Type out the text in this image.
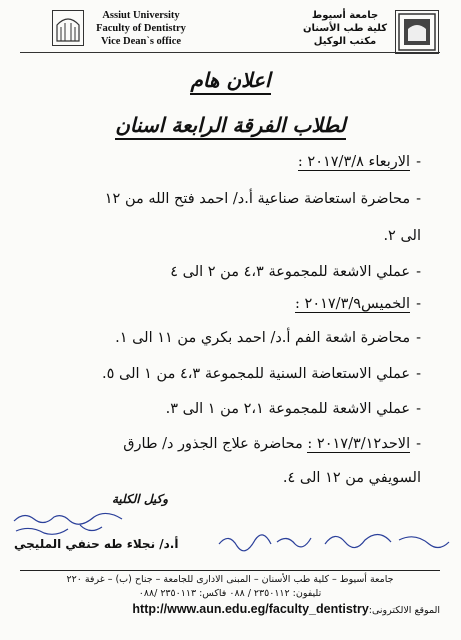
Assiut University
Faculty of Dentistry
Vice Dean`s office
جامعة أسيوط
كلية طب الأسنان
مكتب الوكيل
اعلان هام
لطلاب الفرقة الرابعة اسنان
-الاربعاء ٢٠١٧/٣/٨ :
-محاضرة استعاضة صناعية أ.د/ احمد فتح الله من ١٢
الى ٢.
-عملي الاشعة للمجموعة ٤،٣ من ٢ الى ٤
-الخميس٢٠١٧/٣/٩ :
-محاضرة اشعة الفم أ.د/ احمد بكري من ١١ الى ١.
-عملي الاستعاضة السنية للمجموعة ٤،٣ من ١ الى ٥.
-عملي الاشعة للمجموعة ٢،١ من ١ الى ٣.
-الاحد٢٠١٧/٣/١٢ : محاضرة علاج الجذور د/ طارق
السويفي من ١٢ الى ٤.
وكيل الكلية
أ.د/ نجلاء طه حنفي المليجي
جامعة أسيوط – كلية طب الأسنان – المبنى الادارى للجامعة – جناح (ب) – غرفة ٢٢٠
تليفون: ٢٣٥٠١١٢ / ٠٨٨ فاكس: ٢٣٥٠١١٣ /٠٨٨
الموقع الالكترونى:http://www.aun.edu.eg/faculty_dentistry
